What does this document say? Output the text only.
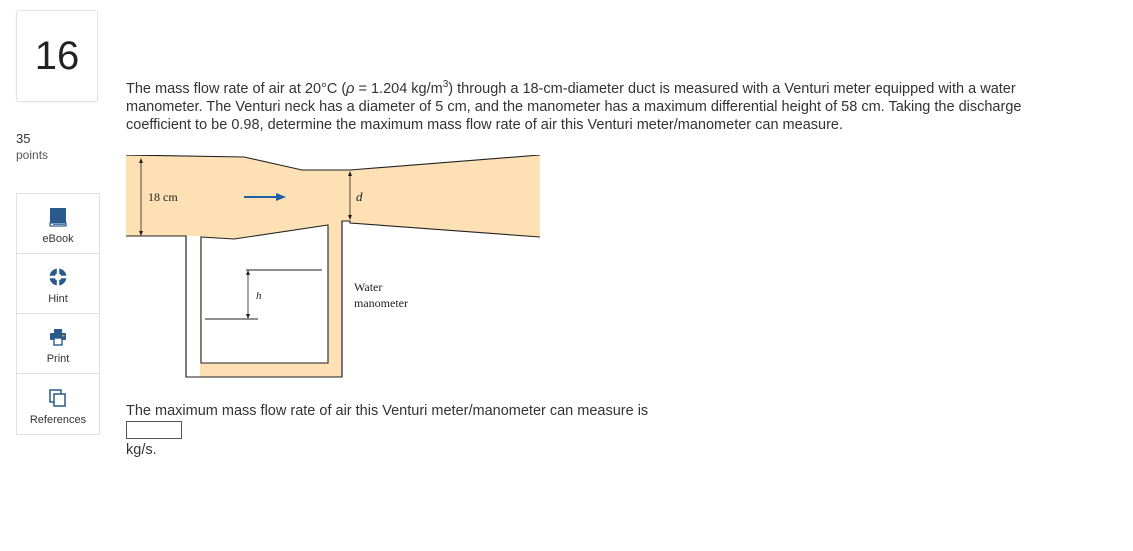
16
35
points
eBook
Hint
Print
References
The mass flow rate of air at 20°C (ρ = 1.204 $kg/m^3$) through a 18-cm-diameter duct is measured with a Venturi meter equipped with a water manometer. The Venturi neck has a diameter of 5 cm, and the manometer has a maximum differential height of 58 cm. Taking the discharge coefficient to be 0.98, determine the maximum mass flow rate of air this Venturi meter/manometer can measure.
18 cm	d
h
Water
manometer
The maximum mass flow rate of air this Venturi meter/manometer can measure is
kg/s.
